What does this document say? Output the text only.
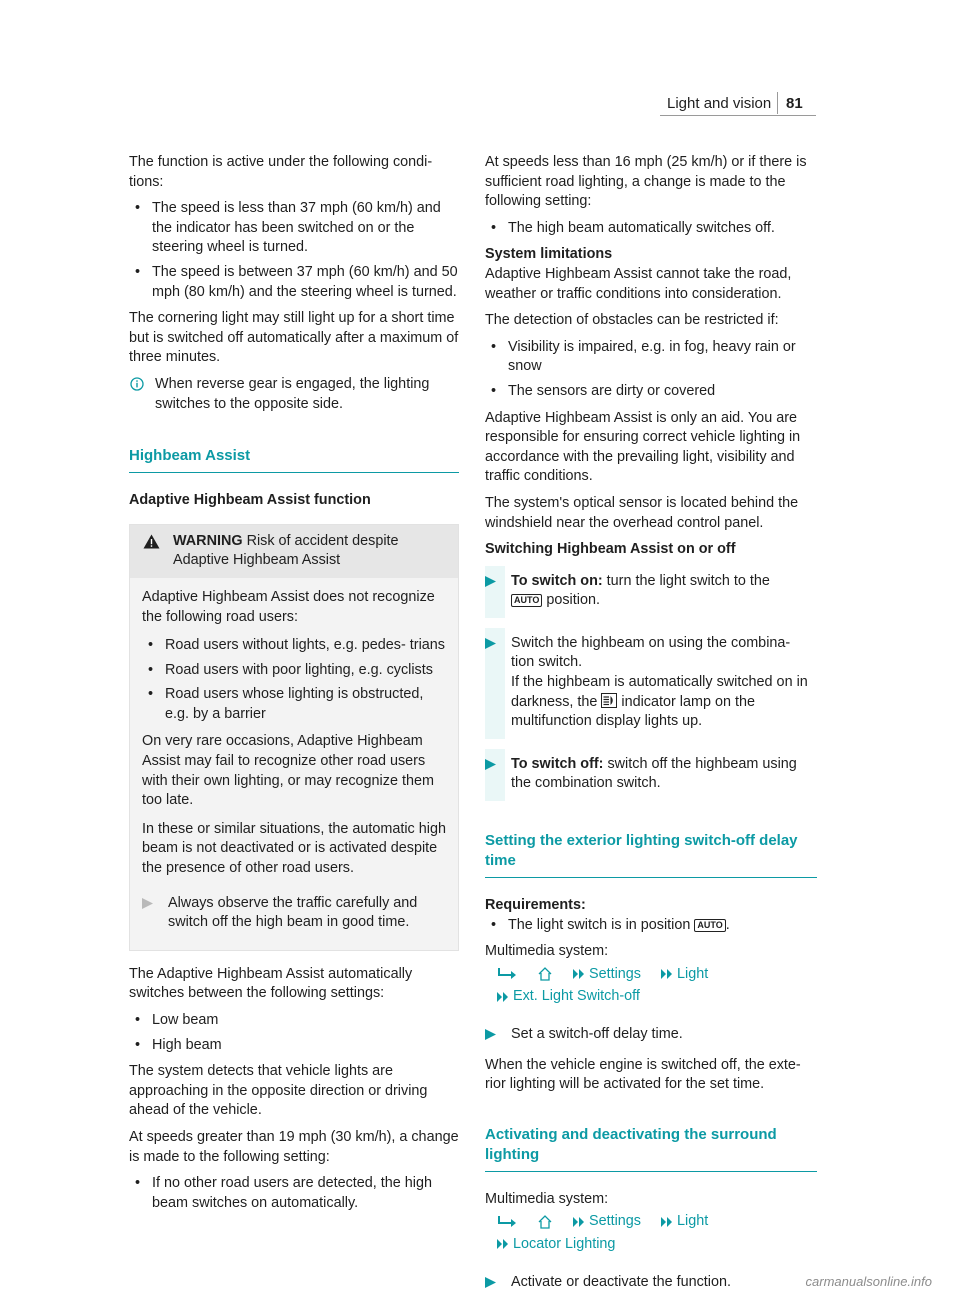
Light and vision 81

The function is active under the following condi- tions:

• The speed is less than 37 mph (60 km/h) and the indicator has been switched on or the steering wheel is turned.
• The speed is between 37 mph (60 km/h) and 50 mph (80 km/h) and the steering wheel is turned.

The cornering light may still light up for a short time but is switched off automatically after a maximum of three minutes.

When reverse gear is engaged, the lighting switches to the opposite side.
Highbeam Assist
Adaptive Highbeam Assist function
WARNING Risk of accident despite Adaptive Highbeam Assist

Adaptive Highbeam Assist does not recognize the following road users:

• Road users without lights, e.g. pedes- trians
• Road users with poor lighting, e.g. cyclists
• Road users whose lighting is obstructed, e.g. by a barrier

On very rare occasions, Adaptive Highbeam Assist may fail to recognize other road users with their own lighting, or may recognize them too late.

In these or similar situations, the automatic high beam is not deactivated or is activated despite the presence of other road users.

Always observe the traffic carefully and switch off the high beam in good time.

The Adaptive Highbeam Assist automatically switches between the following settings:

• Low beam
• High beam

The system detects that vehicle lights are approaching in the opposite direction or driving ahead of the vehicle.

At speeds greater than 19 mph (30 km/h), a change is made to the following setting:

• If no other road users are detected, the high beam switches on automatically.

At speeds less than 16 mph (25 km/h) or if there is sufficient road lighting, a change is made to the following setting:

• The high beam automatically switches off.
System limitations

Adaptive Highbeam Assist cannot take the road, weather or traffic conditions into consideration.

The detection of obstacles can be restricted if:

• Visibility is impaired, e.g. in fog, heavy rain or snow
• The sensors are dirty or covered

Adaptive Highbeam Assist is only an aid. You are responsible for ensuring correct vehicle lighting in accordance with the prevailing light, visibility and traffic conditions.

The system's optical sensor is located behind the windshield near the overhead control panel.

Switching Highbeam Assist on or off
To switch on: turn the light switch to the
AUTO position.
Switch the highbeam on using the combina- tion switch.
If the highbeam is automatically switched on in darkness, the indicator lamp on the multifunction display lights up.
To switch off: switch off the highbeam using the combination switch.
Setting the exterior lighting switch-off delay time
Requirements:
• The light switch is in position AUTO .

Multimedia system:

Settings	Light
Ext. Light Switch-off
Set a switch-off delay time.

When the vehicle engine is switched off, the exte- rior lighting will be activated for the set time.

Activating and deactivating the surround lighting

Multimedia system:

Settings	Light
Locator Lighting
Activate or deactivate the function.	carmanualsonline.info
